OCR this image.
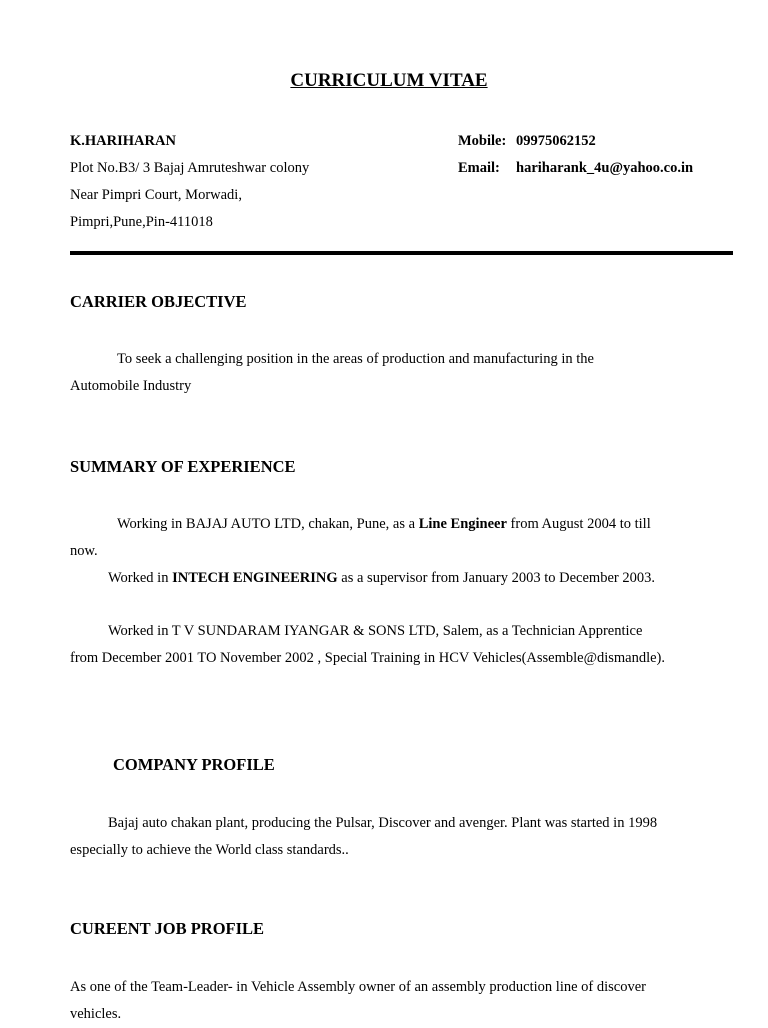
CURRICULUM VITAE
K.HARIHARAN
Plot No.B3/ 3 Bajaj Amruteshwar colony
Near Pimpri Court, Morwadi,
Pimpri,Pune,Pin-411018
Mobile: 09975062152
Email: hariharank_4u@yahoo.co.in
CARRIER OBJECTIVE
To seek a challenging position in the areas of production and manufacturing in the
Automobile Industry
SUMMARY OF EXPERIENCE
Working in BAJAJ AUTO LTD, chakan, Pune, as a Line Engineer from August 2004 to till
now.
Worked in INTECH ENGINEERING as a supervisor from January 2003 to December 2003.
Worked in T V SUNDARAM IYANGAR & SONS LTD, Salem, as a Technician Apprentice
from December 2001 TO November 2002 , Special Training in HCV Vehicles(Assemble@dismandle).
COMPANY PROFILE
Bajaj auto chakan plant, producing the Pulsar, Discover and avenger. Plant was started in 1998
especially to achieve the World class standards..
CUREENT JOB PROFILE
As one of the Team-Leader- in Vehicle Assembly owner of an assembly production line of discover
vehicles.
